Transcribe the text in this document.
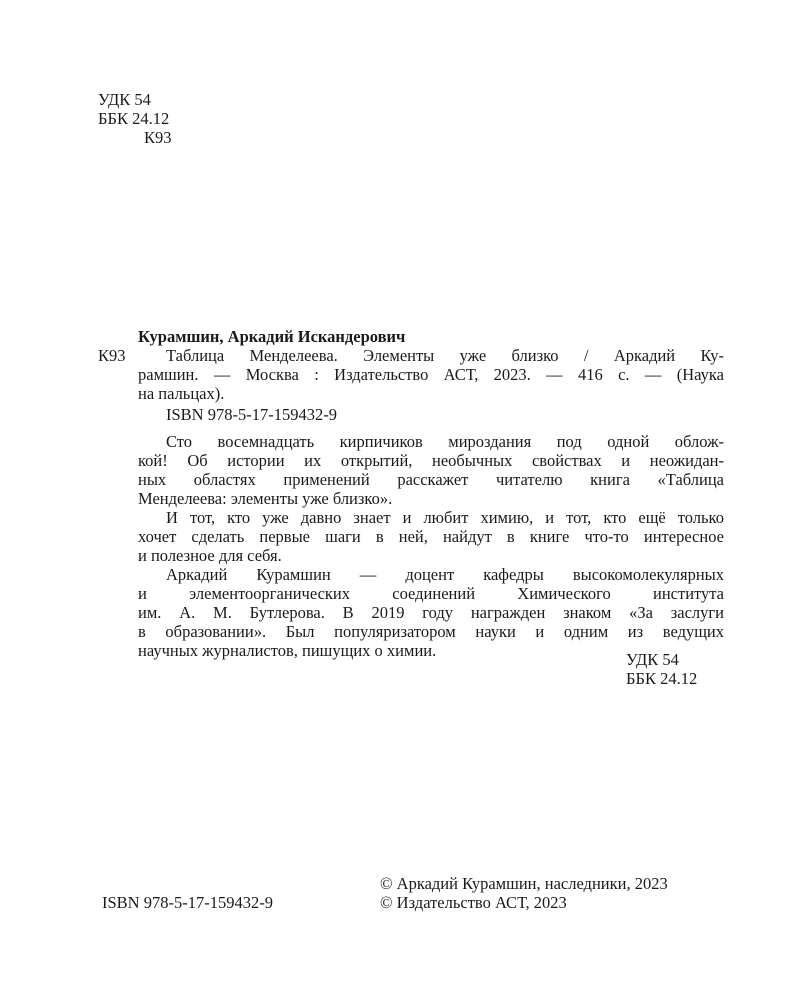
УДК 54
ББК 24.12
К93
Курамшин, Аркадий Искандерович
К93 Таблица Менделеева. Элементы уже близко / Аркадий Ку-
рамшин. — Москва : Издательство АСТ, 2023. — 416 с. — (Наука
на пальцах).
ISBN 978-5-17-159432-9
Сто восемнадцать кирпичиков мироздания под одной облож-
кой! Об истории их открытий, необычных свойствах и неожидан-
ных областях применений расскажет читателю книга «Таблица
Менделеева: элементы уже близко».
И тот, кто уже давно знает и любит химию, и тот, кто ещё только
хочет сделать первые шаги в ней, найдут в книге что-то интересное
и полезное для себя.
Аркадий Курамшин — доцент кафедры высокомолекулярных
и элементоорганических соединений Химического института
им. А. М. Бутлерова. В 2019 году награжден знаком «За заслуги
в образовании». Был популяризатором науки и одним из ведущих
научных журналистов, пишущих о химии.	УДК 54
ББК 24.12
ISBN 978-5-17-159432-9
© Аркадий Курамшин, наследники, 2023
© Издательство АСТ, 2023
